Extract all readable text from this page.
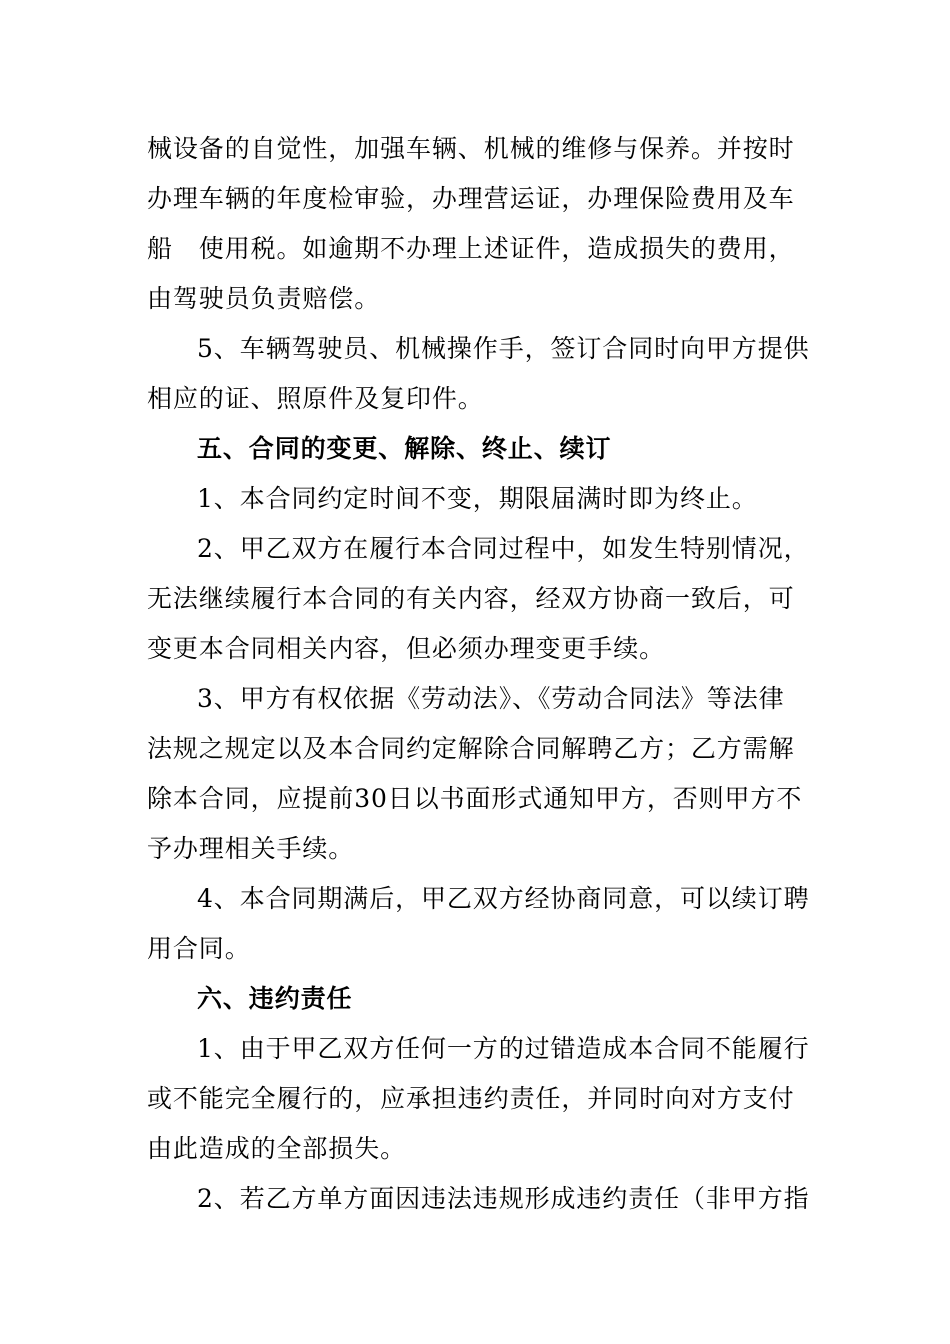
械设备的自觉性，加强车辆、机械的维修与保养。并按时
办理车辆的年度检审验，办理营运证，办理保险费用及车
船　使用税。如逾期不办理上述证件，造成损失的费用，
由驾驶员负责赔偿。
5、车辆驾驶员、机械操作手，签订合同时向甲方提供
相应的证、照原件及复印件。
五、合同的变更、解除、终止、续订
1、本合同约定时间不变，期限届满时即为终止。
2、甲乙双方在履行本合同过程中，如发生特别情况，
无法继续履行本合同的有关内容，经双方协商一致后，可
变更本合同相关内容，但必须办理变更手续。
3、甲方有权依据《劳动法》、《劳动合同法》等法律
法规之规定以及本合同约定解除合同解聘乙方；乙方需解
除本合同，应提前30日以书面形式通知甲方，否则甲方不
予办理相关手续。
4、本合同期满后，甲乙双方经协商同意，可以续订聘
用合同。
六、违约责任
1、由于甲乙双方任何一方的过错造成本合同不能履行
或不能完全履行的，应承担违约责任，并同时向对方支付
由此造成的全部损失。
2、若乙方单方面因违法违规形成违约责任（非甲方指
